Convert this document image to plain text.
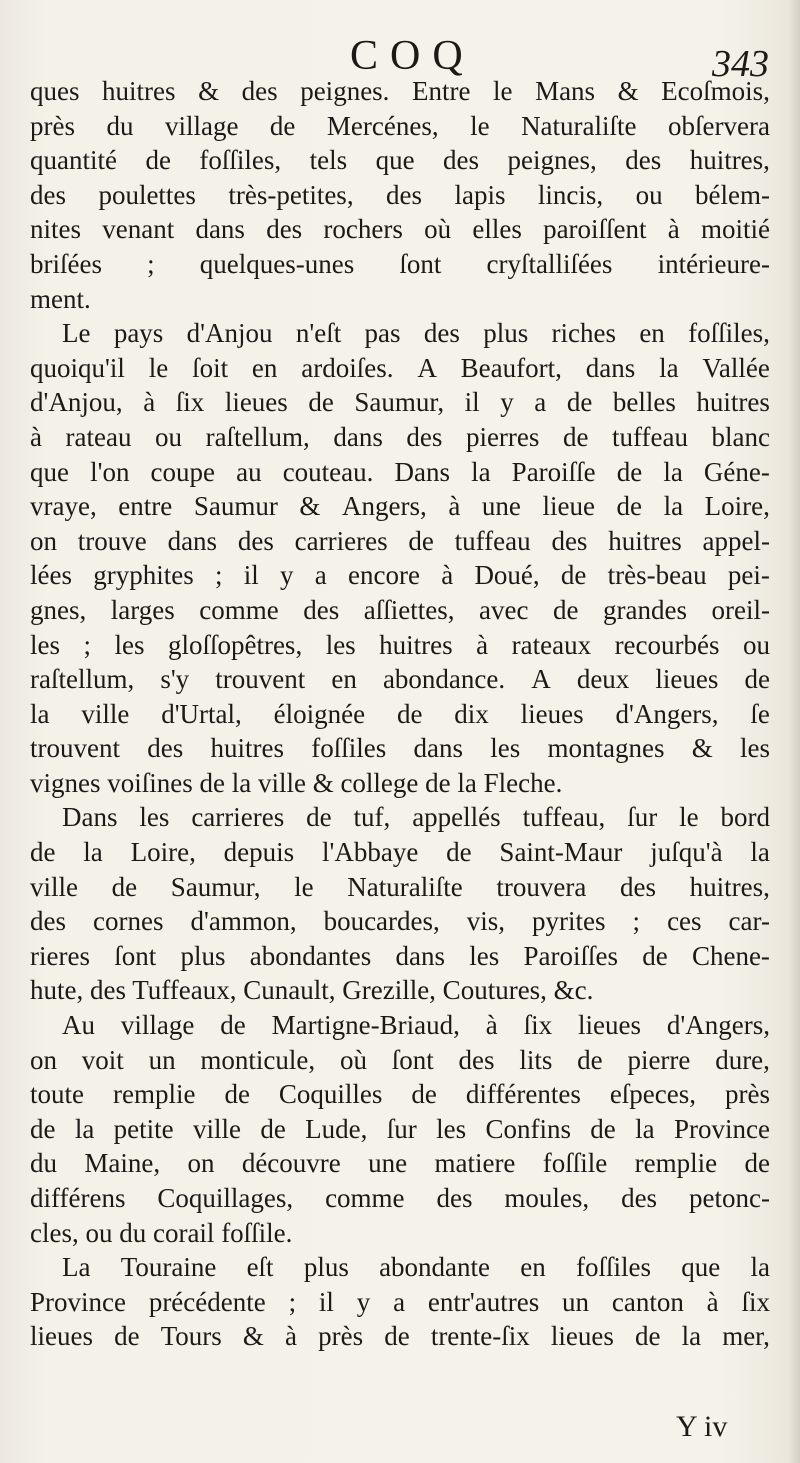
COQ	343
ques huitres & des peignes. Entre le Mans & Ecoſmois,
près du village de Mercénes, le Naturaliſte obſervera
quantité de foſſiles, tels que des peignes, des huitres,
des poulettes très-petites, des lapis lincis, ou bélem-
nites venant dans des rochers où elles paroiſſent à moitié
briſées ; quelques-unes ſont cryſtalliſées intérieure-
ment.
Le pays d'Anjou n'eſt pas des plus riches en foſſiles,
quoiqu'il le ſoit en ardoiſes. A Beaufort, dans la Vallée
d'Anjou, à ſix lieues de Saumur, il y a de belles huitres
à rateau ou raſtellum, dans des pierres de tuffeau blanc
que l'on coupe au couteau. Dans la Paroiſſe de la Géne-
vraye, entre Saumur & Angers, à une lieue de la Loire,
on trouve dans des carrieres de tuffeau des huitres appel-
lées gryphites ; il y a encore à Doué, de très-beau pei-
gnes, larges comme des aſſiettes, avec de grandes oreil-
les ; les gloſſopêtres, les huitres à rateaux recourbés ou
raſtellum, s'y trouvent en abondance. A deux lieues de
la ville d'Urtal, éloignée de dix lieues d'Angers, ſe
trouvent des huitres foſſiles dans les montagnes & les
vignes voiſines de la ville & college de la Fleche.
Dans les carrieres de tuf, appellés tuffeau, ſur le bord
de la Loire, depuis l'Abbaye de Saint-Maur juſqu'à la
ville de Saumur, le Naturaliſte trouvera des huitres,
des cornes d'ammon, boucardes, vis, pyrites ; ces car-
rieres ſont plus abondantes dans les Paroiſſes de Chene-
hute, des Tuffeaux, Cunault, Grezille, Coutures, &c.
Au village de Martigne-Briaud, à ſix lieues d'Angers,
on voit un monticule, où ſont des lits de pierre dure,
toute remplie de Coquilles de différentes eſpeces, près
de la petite ville de Lude, ſur les Confins de la Province
du Maine, on découvre une matiere foſſile remplie de
différens Coquillages, comme des moules, des petonc-
cles, ou du corail foſſile.
La Touraine eſt plus abondante en foſſiles que la
Province précédente ; il y a entr'autres un canton à ſix
lieues de Tours & à près de trente-ſix lieues de la mer,
Y iv
